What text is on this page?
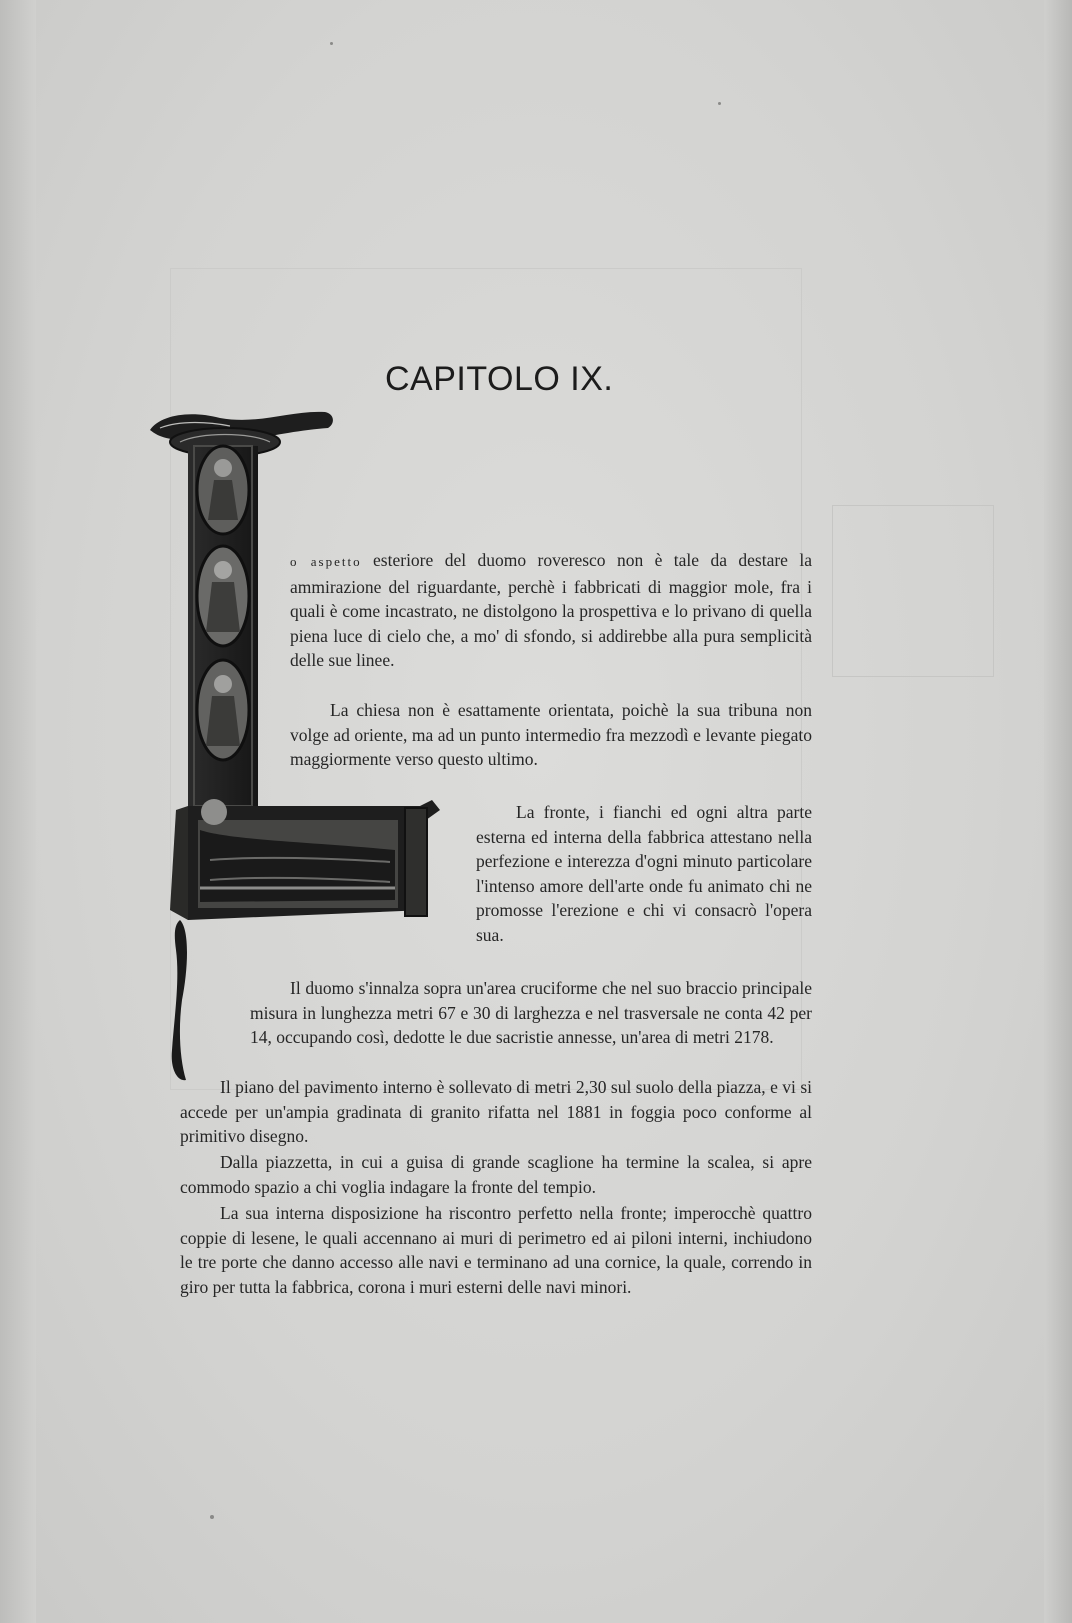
CAPITOLO IX.

o aspetto esteriore del duomo roveresco non è tale da destare la ammirazione del riguardante, perchè i fabbricati di maggior mole, fra i quali è come incastrato, ne distolgono la prospettiva e lo privano di quella piena luce di cielo che, a mo' di sfondo, si addirebbe alla pura semplicità delle sue linee.

La chiesa non è esattamente orientata, poichè la sua tribuna non volge ad oriente, ma ad un punto intermedio fra mezzodì e levante piegato maggiormente verso questo ultimo.

La fronte, i fianchi ed ogni altra parte esterna ed interna della fabbrica attestano nella perfezione e interezza d'ogni minuto particolare l'intenso amore dell'arte onde fu animato chi ne promosse l'erezione e chi vi consacrò l'opera sua.

Il duomo s'innalza sopra un'area cruciforme che nel suo braccio principale misura in lunghezza metri 67 e 30 di larghezza e nel trasversale ne conta 42 per 14, occupando così, dedotte le due sacristie annesse, un'area di metri 2178.

Il piano del pavimento interno è sollevato di metri 2,30 sul suolo della piazza, e vi si accede per un'ampia gradinata di granito rifatta nel 1881 in foggia poco conforme al primitivo disegno.

Dalla piazzetta, in cui a guisa di grande scaglione ha termine la scalea, si apre commodo spazio a chi voglia indagare la fronte del tempio.

La sua interna disposizione ha riscontro perfetto nella fronte; imperocchè quattro coppie di lesene, le quali accennano ai muri di perimetro ed ai piloni interni, inchiudono le tre porte che danno accesso alle navi e terminano ad una cornice, la quale, correndo in giro per tutta la fabbrica, corona i muri esterni delle navi minori.
